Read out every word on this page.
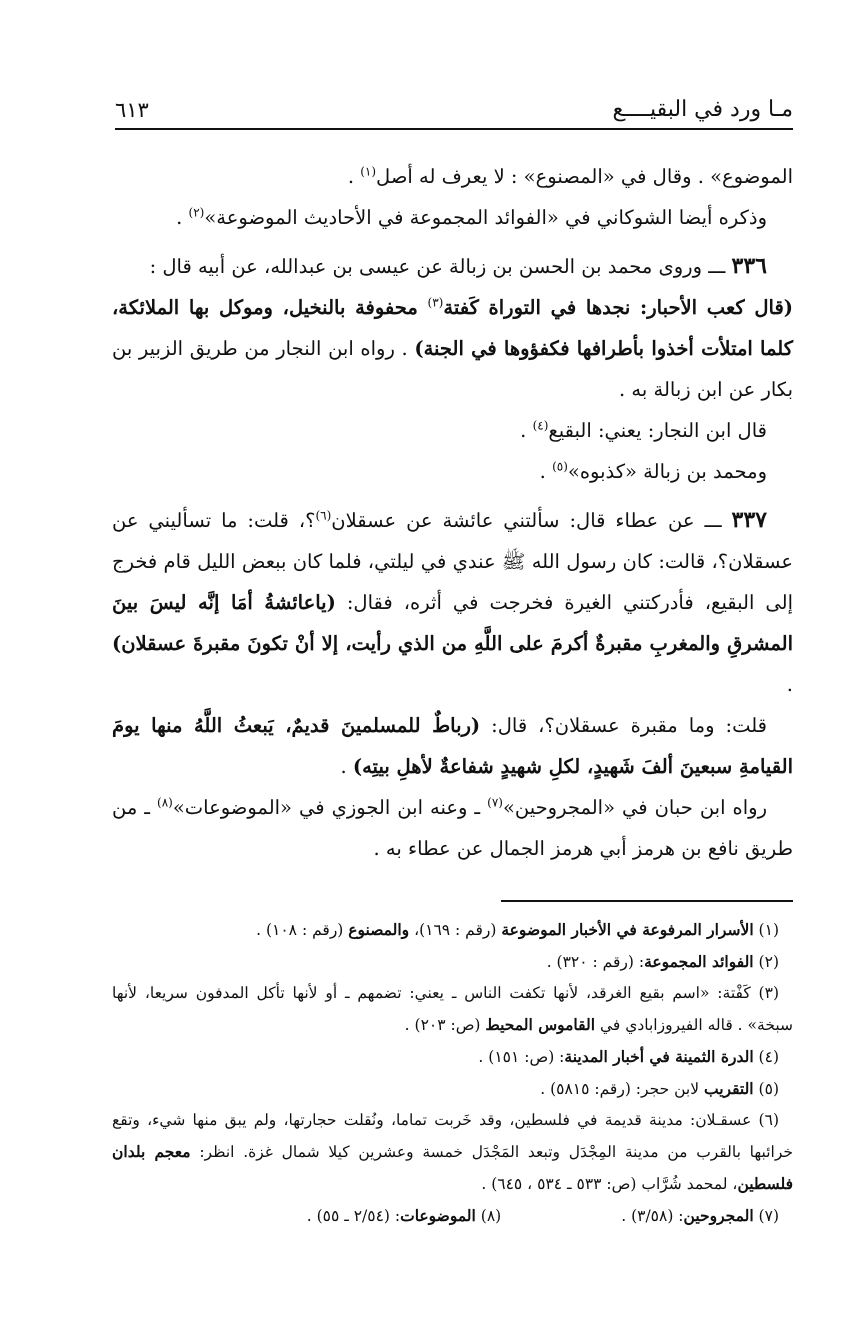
مـا ورد في البقيــــع
٦١٣

الموضوع» . وقال في «المصنوع» : لا يعرف له أصل$^{(١)}$ .

وذكره أيضا الشوكاني في «الفوائد المجموعة في الأحاديث الموضوعة»$^{(٢)}$ .

٣٣٦ ـــ وروى محمد بن الحسن بن زبالة عن عيسى بن عبدالله، عن أبيه قال :
(قال كعب الأحبار: نجدها في التوراة كَفتة$^{(٣)}$ محفوفة بالنخيل، وموكل بها الملائكة، كلما امتلأت أخذوا بأطرافها فكفؤوها في الجنة) . رواه ابن النجار من طريق الزبير بن بكار عن ابن زبالة به .

قال ابن النجار: يعني: البقيع$^{(٤)}$ .

ومحمد بن زبالة «كذبوه»$^{(٥)}$ .

٣٣٧ ـــ عن عطاء قال: سألتني عائشة عن عسقلان$^{(٦)}$؟، قلت: ما تسأليني عن عسقلان؟، قالت: كان رسول الله ﷺ عندي في ليلتي، فلما كان ببعض الليل قام فخرج إلى البقيع، فأدركتني الغيرة فخرجت في أثره، فقال: (ياعائشةُ أمَا إنَّه ليسَ بينَ المشرقِ والمغربِ مقبرةٌ أكرمَ على اللَّهِ من الذي رأيت، إلا أنْ تكونَ مقبرةَ عسقلان) .

قلت: وما مقبرة عسقلان؟، قال: (رباطٌ للمسلمينَ قديمٌ، يَبعثُ اللَّهُ منها يومَ القيامةِ سبعينَ ألفَ شَهيدٍ، لكلِ شهيدٍ شفاعةٌ لأهلِ بيتِه) .

رواه ابن حبان في «المجروحين»$^{(٧)}$ ـ وعنه ابن الجوزي في «الموضوعات»$^{(٨)}$ ـ من طريق نافع بن هرمز أبي هرمز الجمال عن عطاء به .

(١) الأسرار المرفوعة في الأخبار الموضوعة (رقم : ١٦٩)، والمصنوع (رقم : ١٠٨) .

(٢) الفوائد المجموعة: (رقم : ٣٢٠) .

(٣) كَفْتة: «اسم بقيع الغرقد، لأنها تكفت الناس ـ يعني: تضمهم ـ أو لأنها تأكل المدفون سريعا، لأنها سبخة» . قاله الفيروزابادي في القاموس المحيط (ص: ٢٠٣) .

(٤) الدرة الثمينة في أخبار المدينة: (ص: ١٥١) .

(٥) التقريب لابن حجر: (رقم: ٥٨١٥) .

(٦) عسقـلان: مدينة قديمة في فلسطين، وقد خَربت تماما، ونُقلت حجارتها، ولم يبق منها شيء، وتقع خرائبها بالقرب من مدينة المِجْدَل وتبعد المَجْدَل خمسة وعشرين كيلا شمال غزة. انظر: معجم بلدان فلسطين، لمحمد شُرَّاب (ص: ٥٣٣ ـ ٥٣٤ ، ٦٤٥) .

(٧) المجروحين: (٣/٥٨) .
(٨) الموضوعات: (٢/٥٤ ـ ٥٥) .
